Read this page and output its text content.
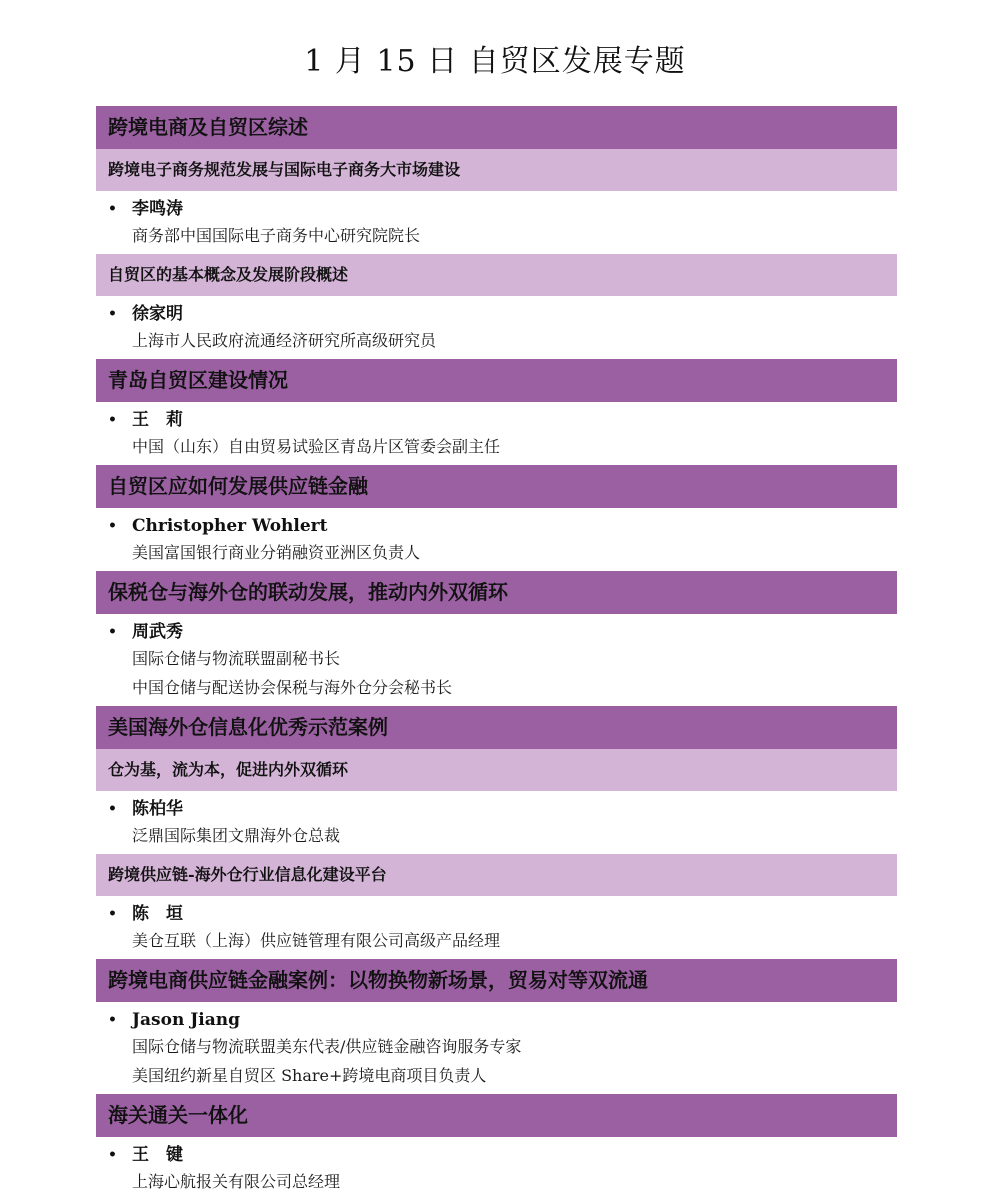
1 月 15 日 自贸区发展专题
跨境电商及自贸区综述
跨境电子商务规范发展与国际电子商务大市场建设
• 李鸣涛
商务部中国国际电子商务中心研究院院长
自贸区的基本概念及发展阶段概述
• 徐家明
上海市人民政府流通经济研究所高级研究员
青岛自贸区建设情况
• 王　莉
中国（山东）自由贸易试验区青岛片区管委会副主任
自贸区应如何发展供应链金融
• Christopher Wohlert
美国富国银行商业分销融资亚洲区负责人
保税仓与海外仓的联动发展，推动内外双循环
• 周武秀
国际仓储与物流联盟副秘书长
中国仓储与配送协会保税与海外仓分会秘书长
美国海外仓信息化优秀示范案例
仓为基，流为本，促进内外双循环
• 陈柏华
泛鼎国际集团文鼎海外仓总裁
跨境供应链-海外仓行业信息化建设平台
• 陈　垣
美仓互联（上海）供应链管理有限公司高级产品经理
跨境电商供应链金融案例：以物换物新场景，贸易对等双流通
• Jason Jiang
国际仓储与物流联盟美东代表/供应链金融咨询服务专家
美国纽约新星自贸区 Share+跨境电商项目负责人
海关通关一体化
• 王　键
上海心航报关有限公司总经理
